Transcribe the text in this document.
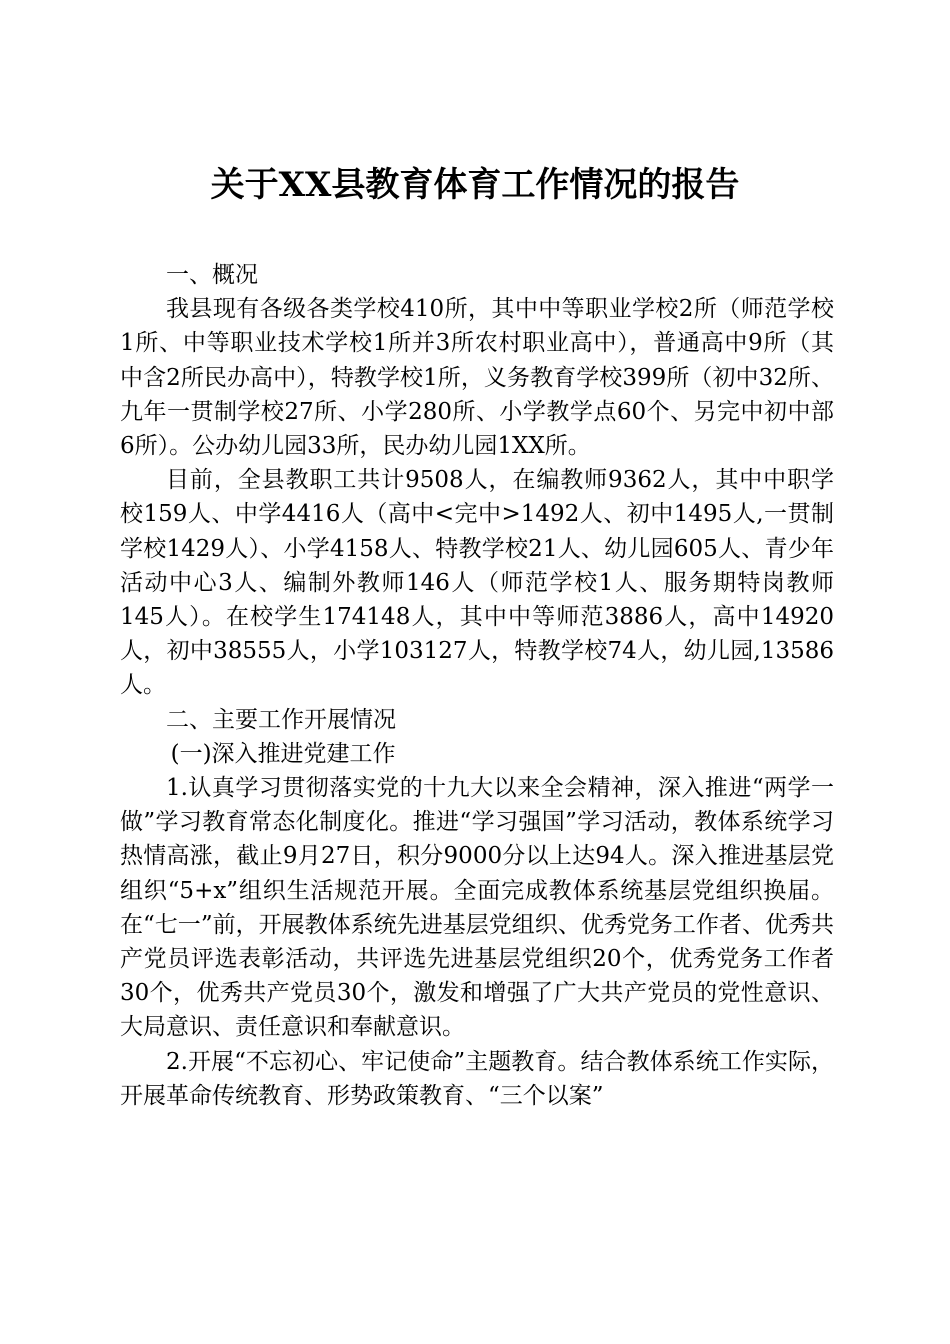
关于XX县教育体育工作情况的报告

一、概况

我县现有各级各类学校410所，其中中等职业学校2所（师范学校1所、中等职业技术学校1所并3所农村职业高中），普通高中9所（其中含2所民办高中），特教学校1所，义务教育学校399所（初中32所、九年一贯制学校27所、小学280所、小学教学点60个、另完中初中部6所）。公办幼儿园33所，民办幼儿园1XX所。

目前，全县教职工共计9508人，在编教师9362人，其中中职学校159人、中学4416人（高中<完中>1492人、初中1495人,一贯制学校1429人）、小学4158人、特教学校21人、幼儿园605人、青少年活动中心3人、编制外教师146人（师范学校1人、服务期特岗教师145人）。在校学生174148人，其中中等师范3886人，高中14920人，初中38555人，小学103127人，特教学校74人，幼儿园,13586人。

二、主要工作开展情况

(一)深入推进党建工作

1.认真学习贯彻落实党的十九大以来全会精神，深入推进“两学一做”学习教育常态化制度化。推进“学习强国”学习活动，教体系统学习热情高涨，截止9月27日，积分9000分以上达94人。深入推进基层党组织“5+x”组织生活规范开展。全面完成教体系统基层党组织换届。在“七一”前，开展教体系统先进基层党组织、优秀党务工作者、优秀共产党员评选表彰活动，共评选先进基层党组织20个，优秀党务工作者30个，优秀共产党员30个，激发和增强了广大共产党员的党性意识、大局意识、责任意识和奉献意识。

2.开展“不忘初心、牢记使命”主题教育。结合教体系统工作实际，开展革命传统教育、形势政策教育、“三个以案”
